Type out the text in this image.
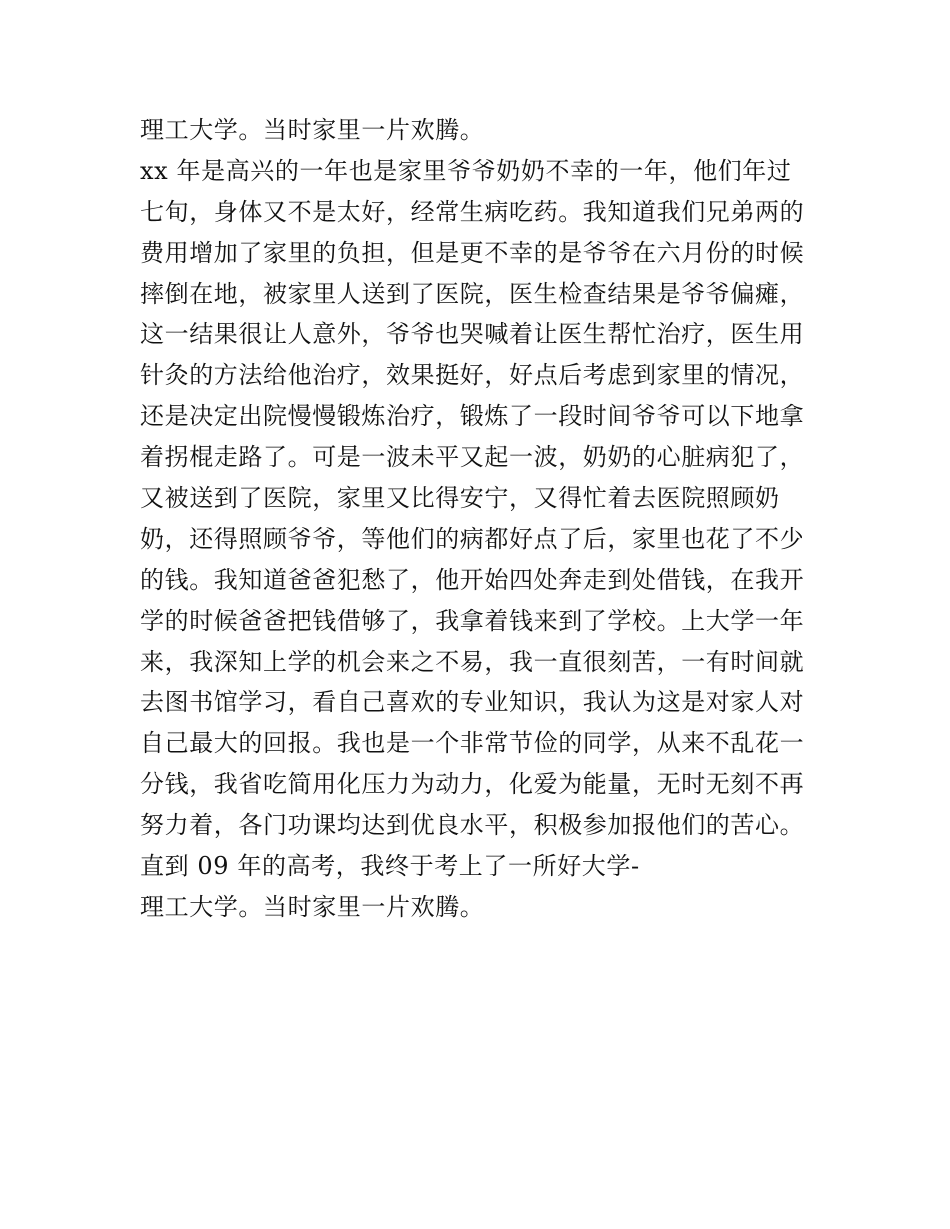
理工大学。当时家里一片欢腾。
xx 年是高兴的一年也是家里爷爷奶奶不幸的一年，他们年过
七旬，身体又不是太好，经常生病吃药。我知道我们兄弟两的
费用增加了家里的负担，但是更不幸的是爷爷在六月份的时候
摔倒在地，被家里人送到了医院，医生检查结果是爷爷偏瘫，
这一结果很让人意外，爷爷也哭喊着让医生帮忙治疗，医生用
针灸的方法给他治疗，效果挺好，好点后考虑到家里的情况，
还是决定出院慢慢锻炼治疗，锻炼了一段时间爷爷可以下地拿
着拐棍走路了。可是一波未平又起一波，奶奶的心脏病犯了，
又被送到了医院，家里又比得安宁，又得忙着去医院照顾奶
奶，还得照顾爷爷，等他们的病都好点了后，家里也花了不少
的钱。我知道爸爸犯愁了，他开始四处奔走到处借钱，在我开
学的时候爸爸把钱借够了，我拿着钱来到了学校。上大学一年
来，我深知上学的机会来之不易，我一直很刻苦，一有时间就
去图书馆学习，看自己喜欢的专业知识，我认为这是对家人对
自己最大的回报。我也是一个非常节俭的同学，从来不乱花一
分钱，我省吃简用化压力为动力，化爱为能量，无时无刻不再
努力着，各门功课均达到优良水平，积极参加报他们的苦心。
直到 09 年的高考，我终于考上了一所好大学-
理工大学。当时家里一片欢腾。
